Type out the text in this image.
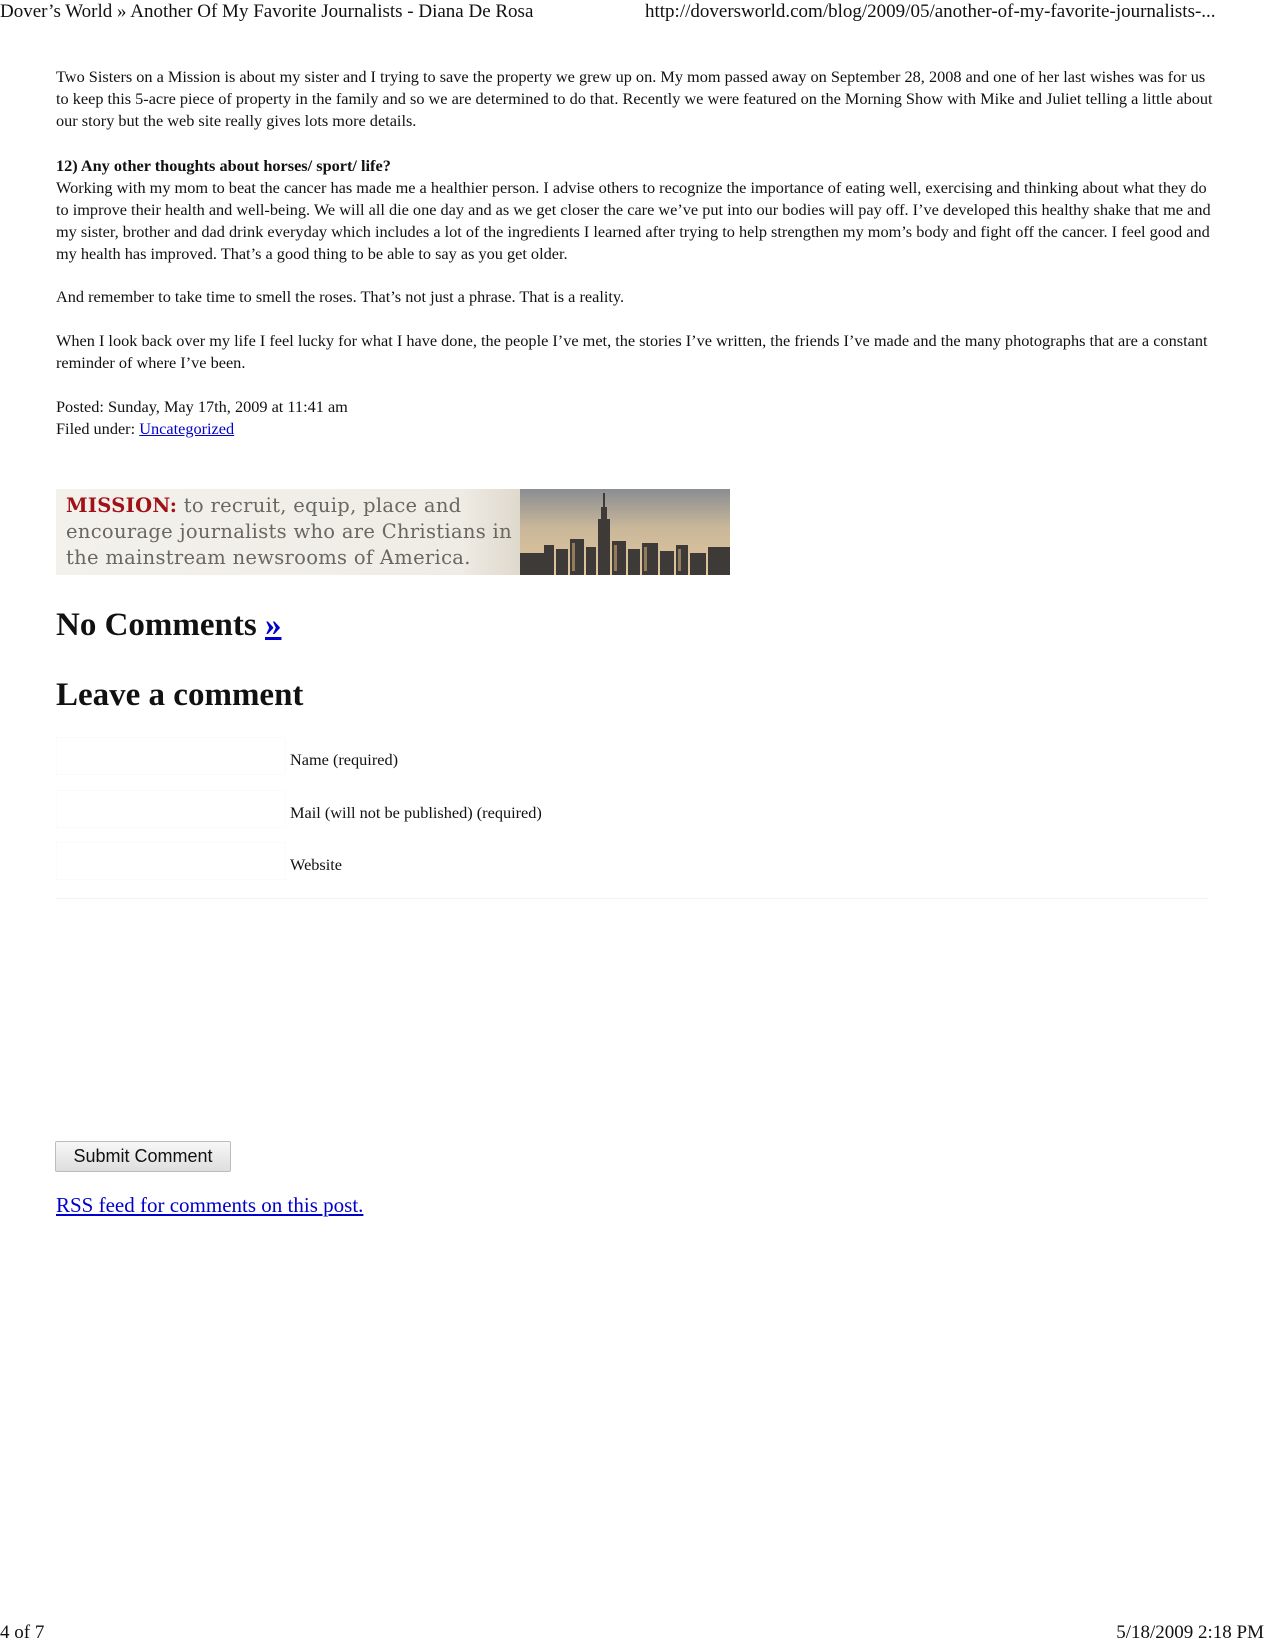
Dover’s World » Another Of My Favorite Journalists - Diana De Rosa	http://doversworld.com/blog/2009/05/another-of-my-favorite-journalists-...

Two Sisters on a Mission is about my sister and I trying to save the property we grew up on. My mom passed away on September 28, 2008 and one of her last wishes was for us to keep this 5-acre piece of property in the family and so we are determined to do that. Recently we were featured on the Morning Show with Mike and Juliet telling a little about our story but the web site really gives lots more details.

12) Any other thoughts about horses/ sport/ life?

Working with my mom to beat the cancer has made me a healthier person. I advise others to recognize the importance of eating well, exercising and thinking about what they do to improve their health and well-being. We will all die one day and as we get closer the care we’ve put into our bodies will pay off. I’ve developed this healthy shake that me and my sister, brother and dad drink everyday which includes a lot of the ingredients I learned after trying to help strengthen my mom’s body and fight off the cancer. I feel good and my health has improved. That’s a good thing to be able to say as you get older.

And remember to take time to smell the roses. That’s not just a phrase. That is a reality.

When I look back over my life I feel lucky for what I have done, the people I’ve met, the stories I’ve written, the friends I’ve made and the many photographs that are a constant reminder of where I’ve been.

Posted: Sunday, May 17th, 2009 at 11:41 am

Filed under: Uncategorized

MISSION: to recruit, equip, place and encourage journalists who are Christians in the mainstream newsrooms of America.
No Comments »
Leave a comment
Name (required)
Mail (will not be published) (required)
Website
Submit Comment
RSS feed for comments on this post.
4 of 7	5/18/2009 2:18 PM
